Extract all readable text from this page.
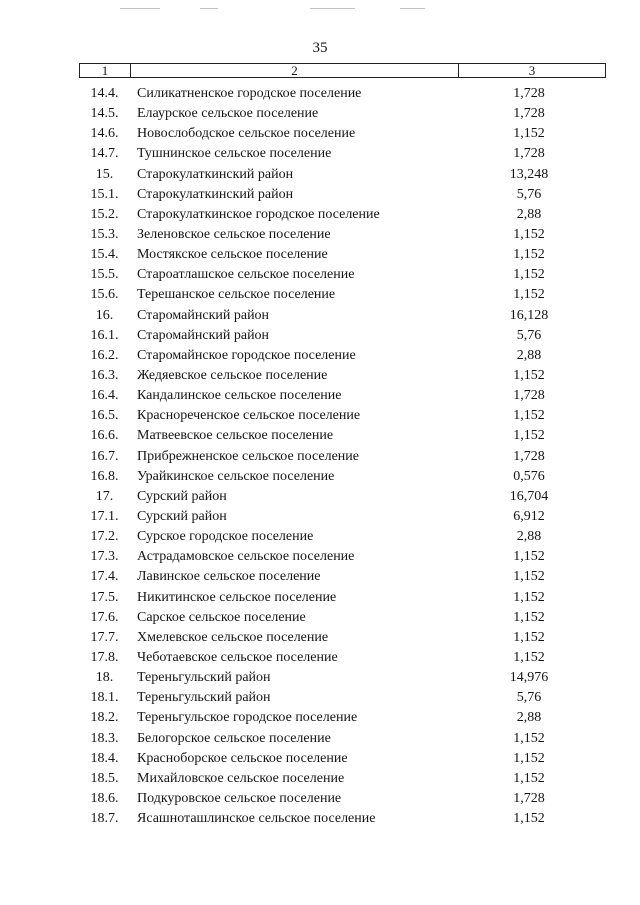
35
1	2	3
14.4.	Силикатненское городское поселение	1,728
14.5.	Елаурское сельское поселение	1,728
14.6.	Новослободское сельское поселение	1,152
14.7.	Тушнинское сельское поселение	1,728
15.	Старокулаткинский район	13,248
15.1.	Старокулаткинский район	5,76
15.2.	Старокулаткинское городское поселение	2,88
15.3.	Зеленовское сельское поселение	1,152
15.4.	Мостякское сельское поселение	1,152
15.5.	Староатлашское сельское поселение	1,152
15.6.	Терешанское сельское поселение	1,152
16.	Старомайнский район	16,128
16.1.	Старомайнский район	5,76
16.2.	Старомайнское городское поселение	2,88
16.3.	Жедяевское сельское поселение	1,152
16.4.	Кандалинское сельское поселение	1,728
16.5.	Краснореченское сельское поселение	1,152
16.6.	Матвеевское сельское поселение	1,152
16.7.	Прибрежненское сельское поселение	1,728
16.8.	Урайкинское сельское поселение	0,576
17.	Сурский район	16,704
17.1.	Сурский район	6,912
17.2.	Сурское городское поселение	2,88
17.3.	Астрадамовское сельское поселение	1,152
17.4.	Лавинское сельское поселение	1,152
17.5.	Никитинское сельское поселение	1,152
17.6.	Сарское сельское поселение	1,152
17.7.	Хмелевское сельское поселение	1,152
17.8.	Чеботаевское сельское поселение	1,152
18.	Тереньгульский район	14,976
18.1.	Тереньгульский район	5,76
18.2.	Тереньгульское городское поселение	2,88
18.3.	Белогорское сельское поселение	1,152
18.4.	Красноборское сельское поселение	1,152
18.5.	Михайловское сельское поселение	1,152
18.6.	Подкуровское сельское поселение	1,728
18.7.	Ясашноташлинское сельское поселение	1,152
